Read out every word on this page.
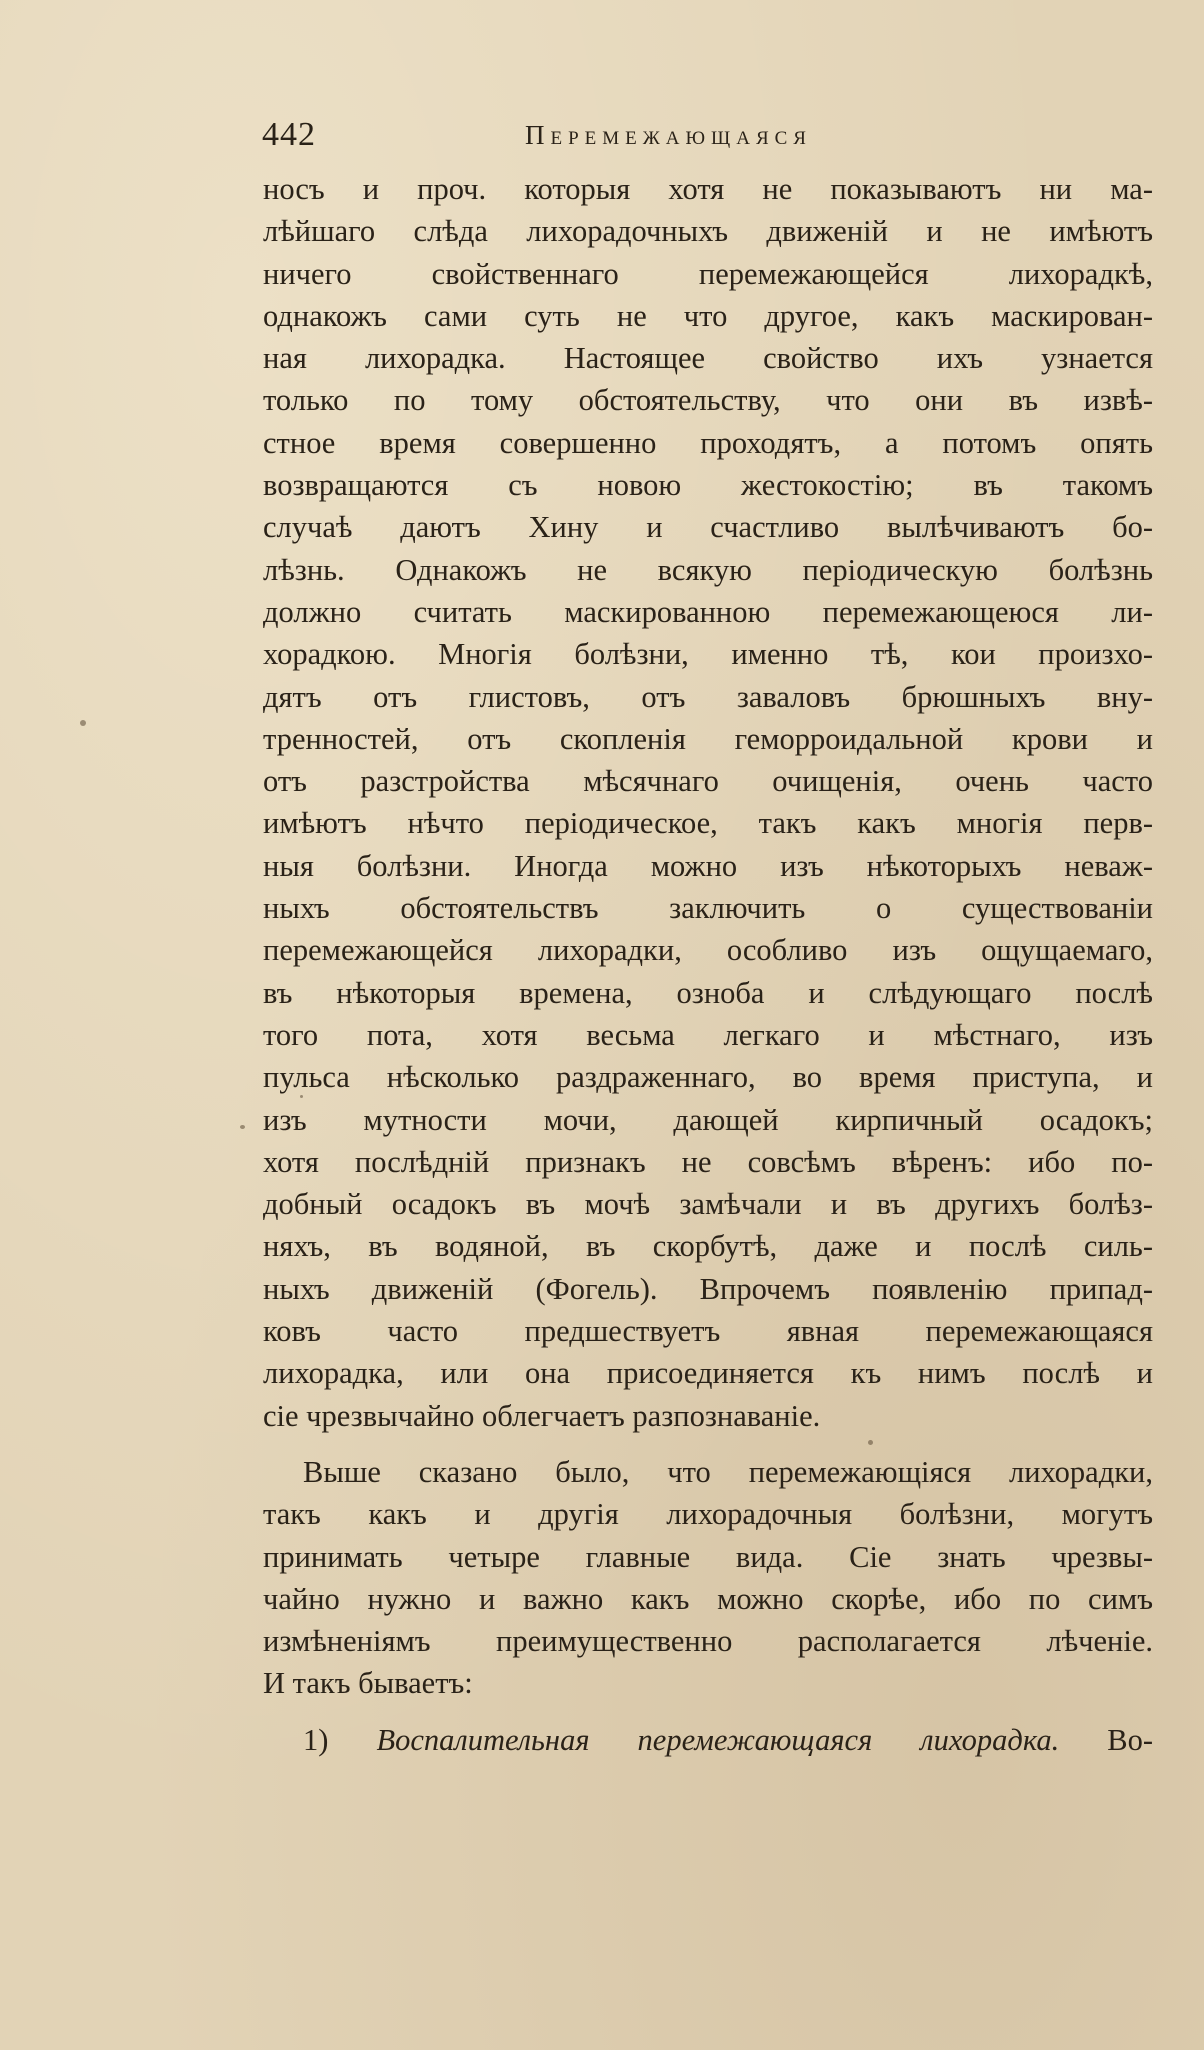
442	Перемежающаяся
носъ и проч. которыя хотя не показываютъ ни ма-
лѣйшаго слѣда лихорадочныхъ движеній и не имѣютъ
ничего свойственнаго перемежающейся лихорадкѣ,
однакожъ сами суть не что другое, какъ маскирован-
ная лихорадка. Настоящее свойство ихъ узнается
только по тому обстоятельству, что они въ извѣ-
стное время совершенно проходятъ, а потомъ опять
возвращаются съ новою жестокостію; въ такомъ
случаѣ даютъ Хину и счастливо вылѣчиваютъ бо-
лѣзнь. Однакожъ не всякую періодическую болѣзнь
должно считать маскированною перемежающеюся ли-
хорадкою. Многія болѣзни, именно тѣ, кои произхо-
дятъ отъ глистовъ, отъ заваловъ брюшныхъ вну-
тренностей, отъ скопленія геморроидальной крови и
отъ разстройства мѣсячнаго очищенія, очень часто
имѣютъ нѣчто періодическое, такъ какъ многія перв-
ныя болѣзни. Иногда можно изъ нѣкоторыхъ неваж-
ныхъ обстоятельствъ заключить о существованіи
перемежающейся лихорадки, особливо изъ ощущаемаго,
въ нѣкоторыя времена, озноба и слѣдующаго послѣ
того пота, хотя весьма легкаго и мѣстнаго, изъ
пульса нѣсколько раздраженнаго, во время приступа, и
изъ мутности мочи, дающей кирпичный осадокъ;
хотя послѣдній признакъ не совсѣмъ вѣренъ: ибо по-
добный осадокъ въ мочѣ замѣчали и въ другихъ болѣз-
няхъ, въ водяной, въ скорбутѣ, даже и послѣ силь-
ныхъ движеній (Фогель). Впрочемъ появленію припад-
ковъ часто предшествуетъ явная перемежающаяся
лихорадка, или она присоединяется къ нимъ послѣ и
сіе чрезвычайно облегчаетъ разпознаваніе.
Выше сказано было, что перемежающіяся лихорадки,
такъ какъ и другія лихорадочныя болѣзни, могутъ
принимать четыре главные вида. Сіе знать чрезвы-
чайно нужно и важно какъ можно скорѣе, ибо по симъ
измѣненіямъ преимущественно располагается лѣченіе.
И такъ бываетъ:
1) Воспалительная перемежающаяся лихорадка. Во-
